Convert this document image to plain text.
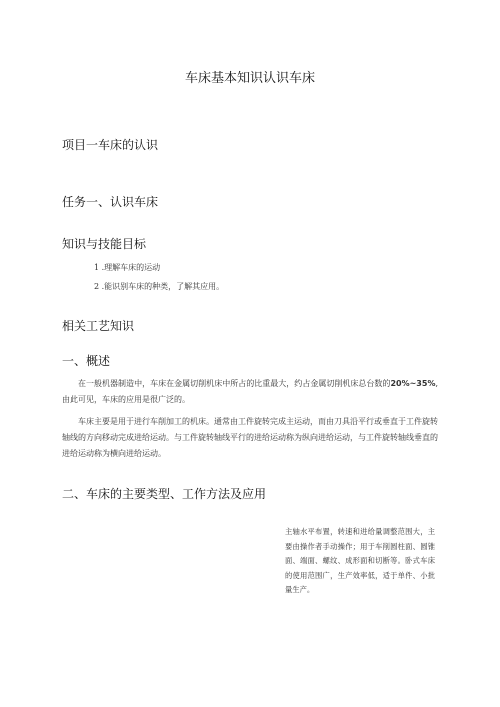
车床基本知识认识车床
项目一车床的认识
任务一、认识车床
知识与技能目标
1 .理解车床的运动
2 .能识别车床的种类，了解其应用。
相关工艺知识
一、概述

在一般机器制造中，车床在金属切削机床中所占的比重最大，约占金属切削机床总台数的20%~35%,由此可见，车床的应用是很广泛的。

车床主要是用于进行车削加工的机床。通常由工件旋转完成主运动，而由刀具沿平行或垂直于工件旋转轴线的方向移动完成进给运动。与工件旋转轴线平行的进给运动称为纵向进给运动，与工件旋转轴线垂直的进给运动称为横向进给运动。

二、车床的主要类型、工作方法及应用

主轴水平布置，转速和进给量调整范围大，主要由操作者手动操作；用于车削圆柱面、圆锥面、端面、螺纹、成形面和切断等。卧式车床的使用范围广，生产效率低，适于单件、小批量生产。
